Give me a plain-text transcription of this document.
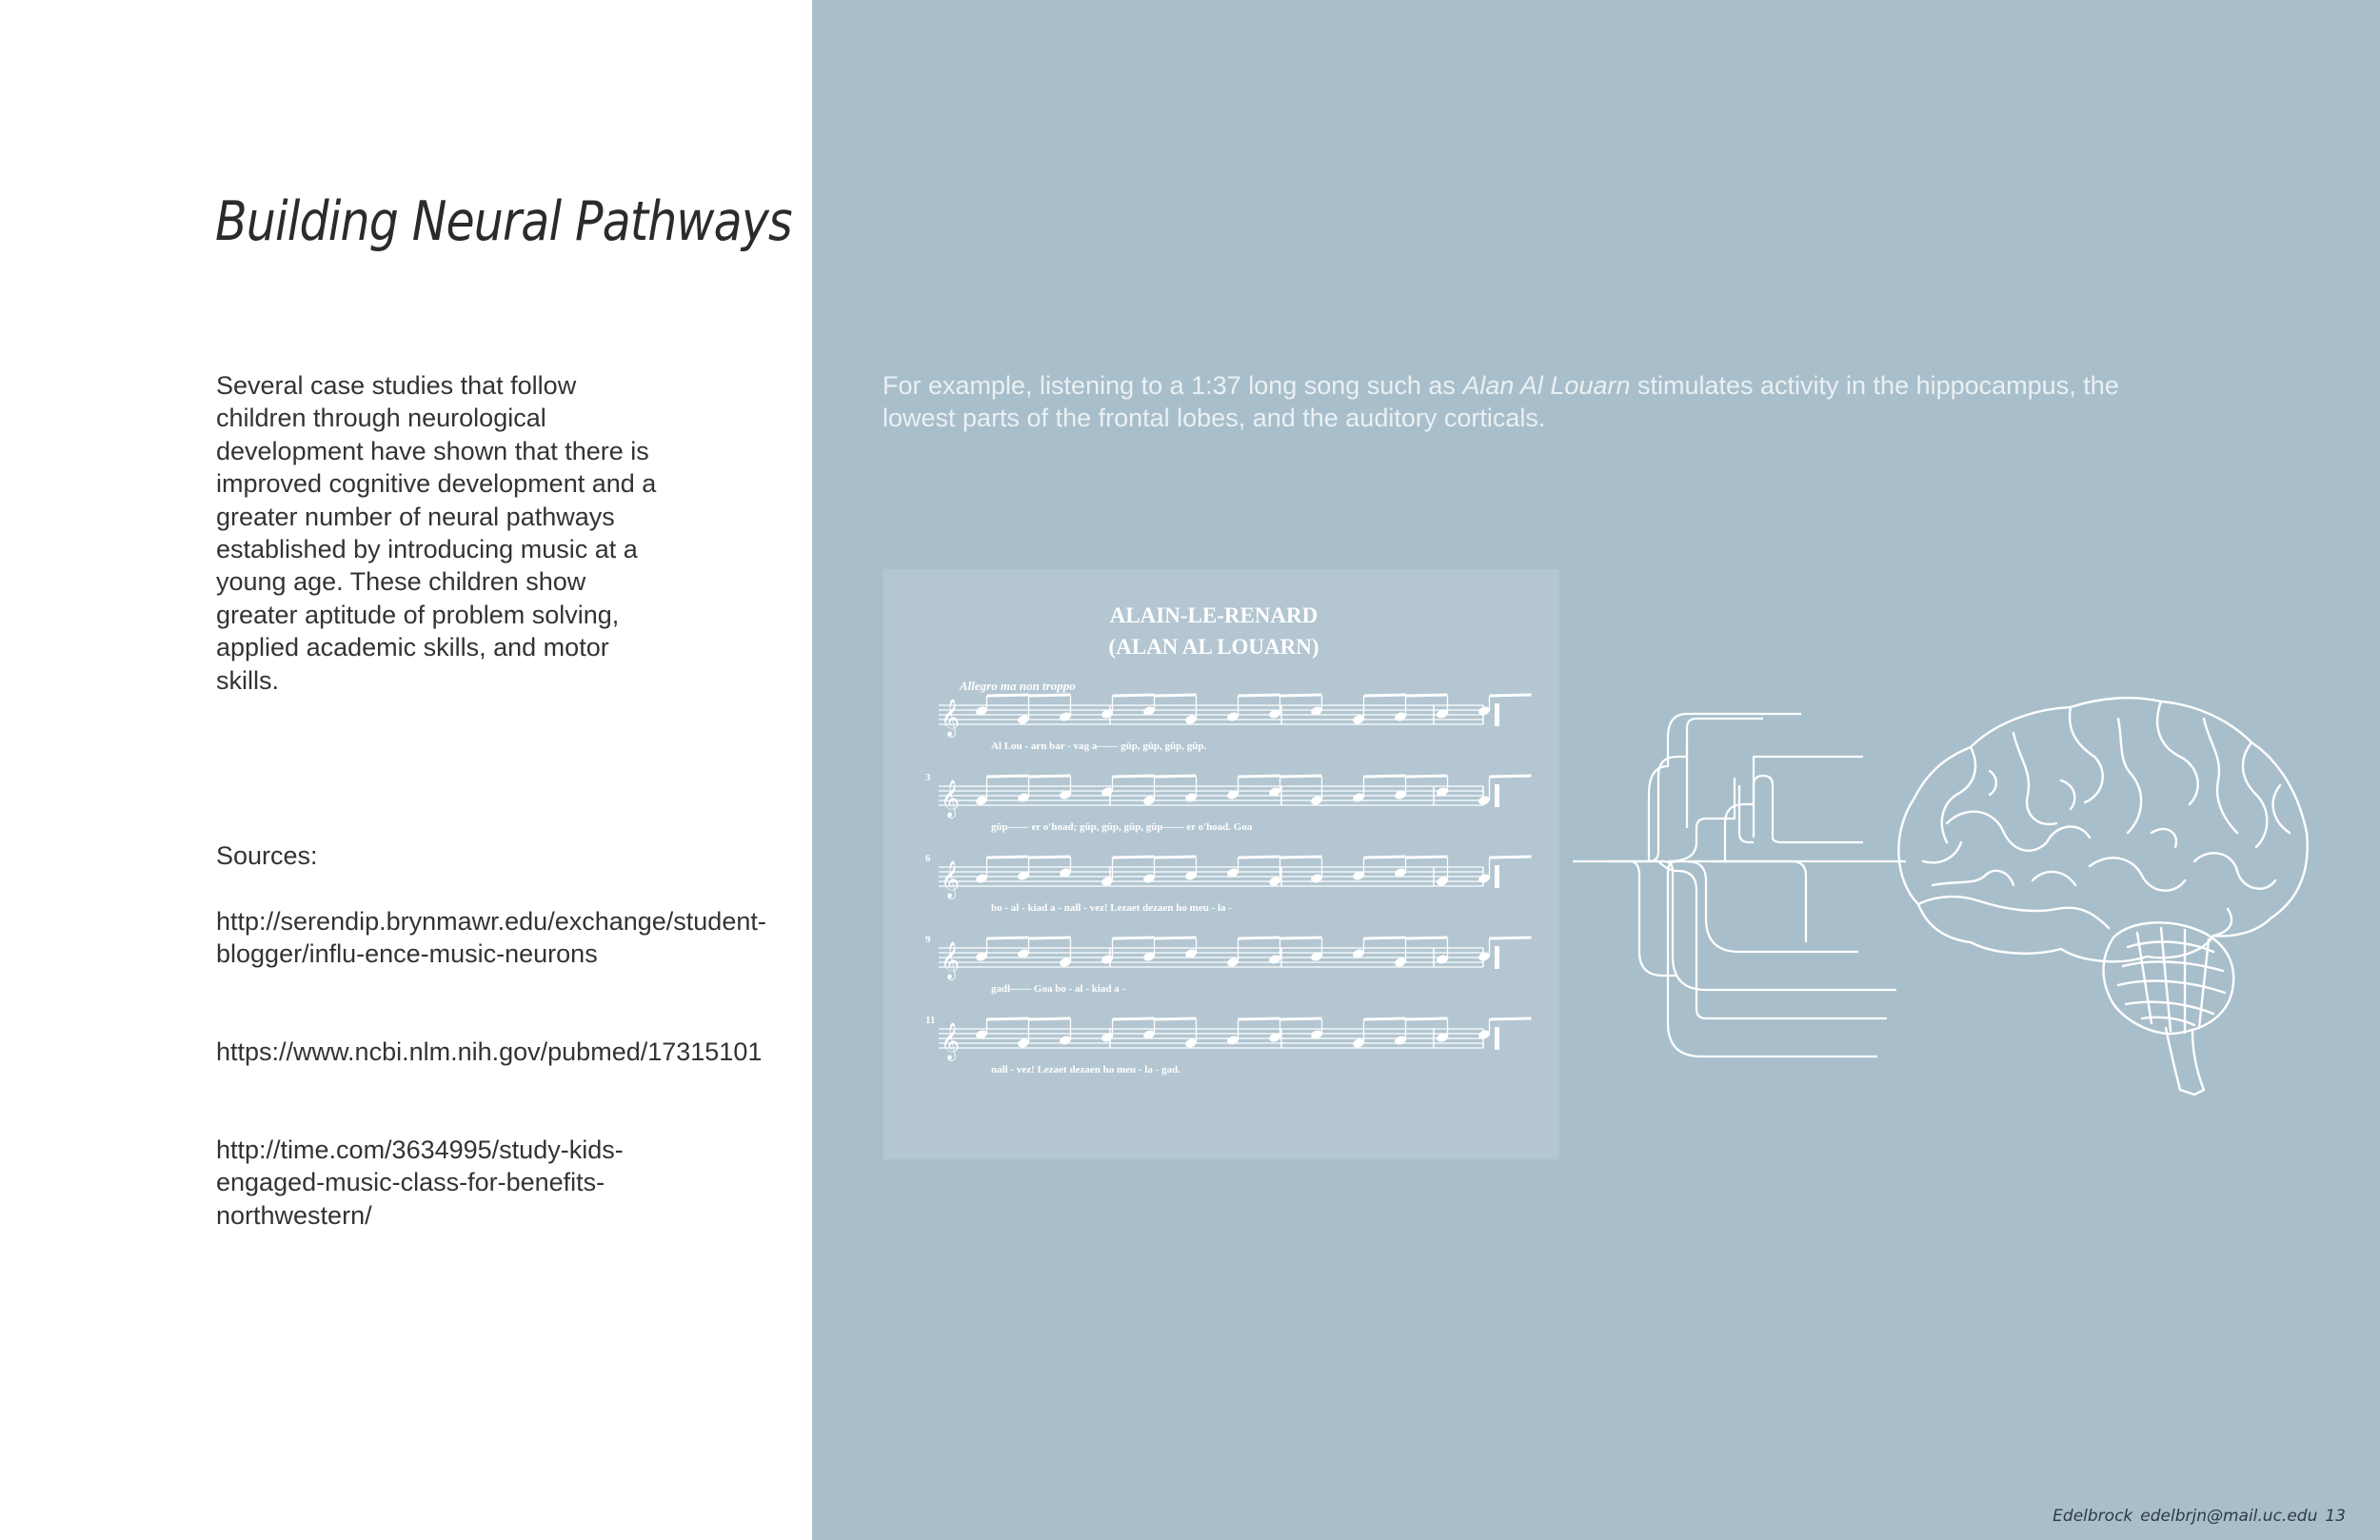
Building Neural Pathways

Several case studies that follow children through neurological development have shown that there is improved cognitive development and a greater number of neural pathways established by introducing music at a young age. These children show greater aptitude of problem solving, applied academic skills, and motor skills.

Sources:

http://serendip.brynmawr.edu/exchange/student-blogger/influ-ence-music-neurons
https://www.ncbi.nlm.nih.gov/pubmed/17315101
http://time.com/3634995/study-kids-engaged-music-class-for-benefits-northwestern/

For example, listening to a 1:37 long song such as Alan Al Louarn stimulates activity in the hippocampus, the lowest parts of the frontal lobes, and the auditory corticals.

ALAIN-LE-RENARD
(ALAN AL LOUARN)
Allegro ma non troppo
𝄞
Al Lou - arn bar - vag a—— gŭp, gŭp, gŭp, gŭp.
𝄞
3
gŭp—— er o'hoad; gŭp, gŭp, gŭp, gŭp—— er o'hoad. Goa
𝄞
6
bo - al - kiad a - nall - vez! Lezaet dezaen ho meu - la -
𝄞
9
gadl—— Goa bo - al - kiad a -
𝄞
11
nall - vez! Lezaet dezaen ho meu - la - gad.
Edelbrock edelbrjn@mail.uc.edu 13
